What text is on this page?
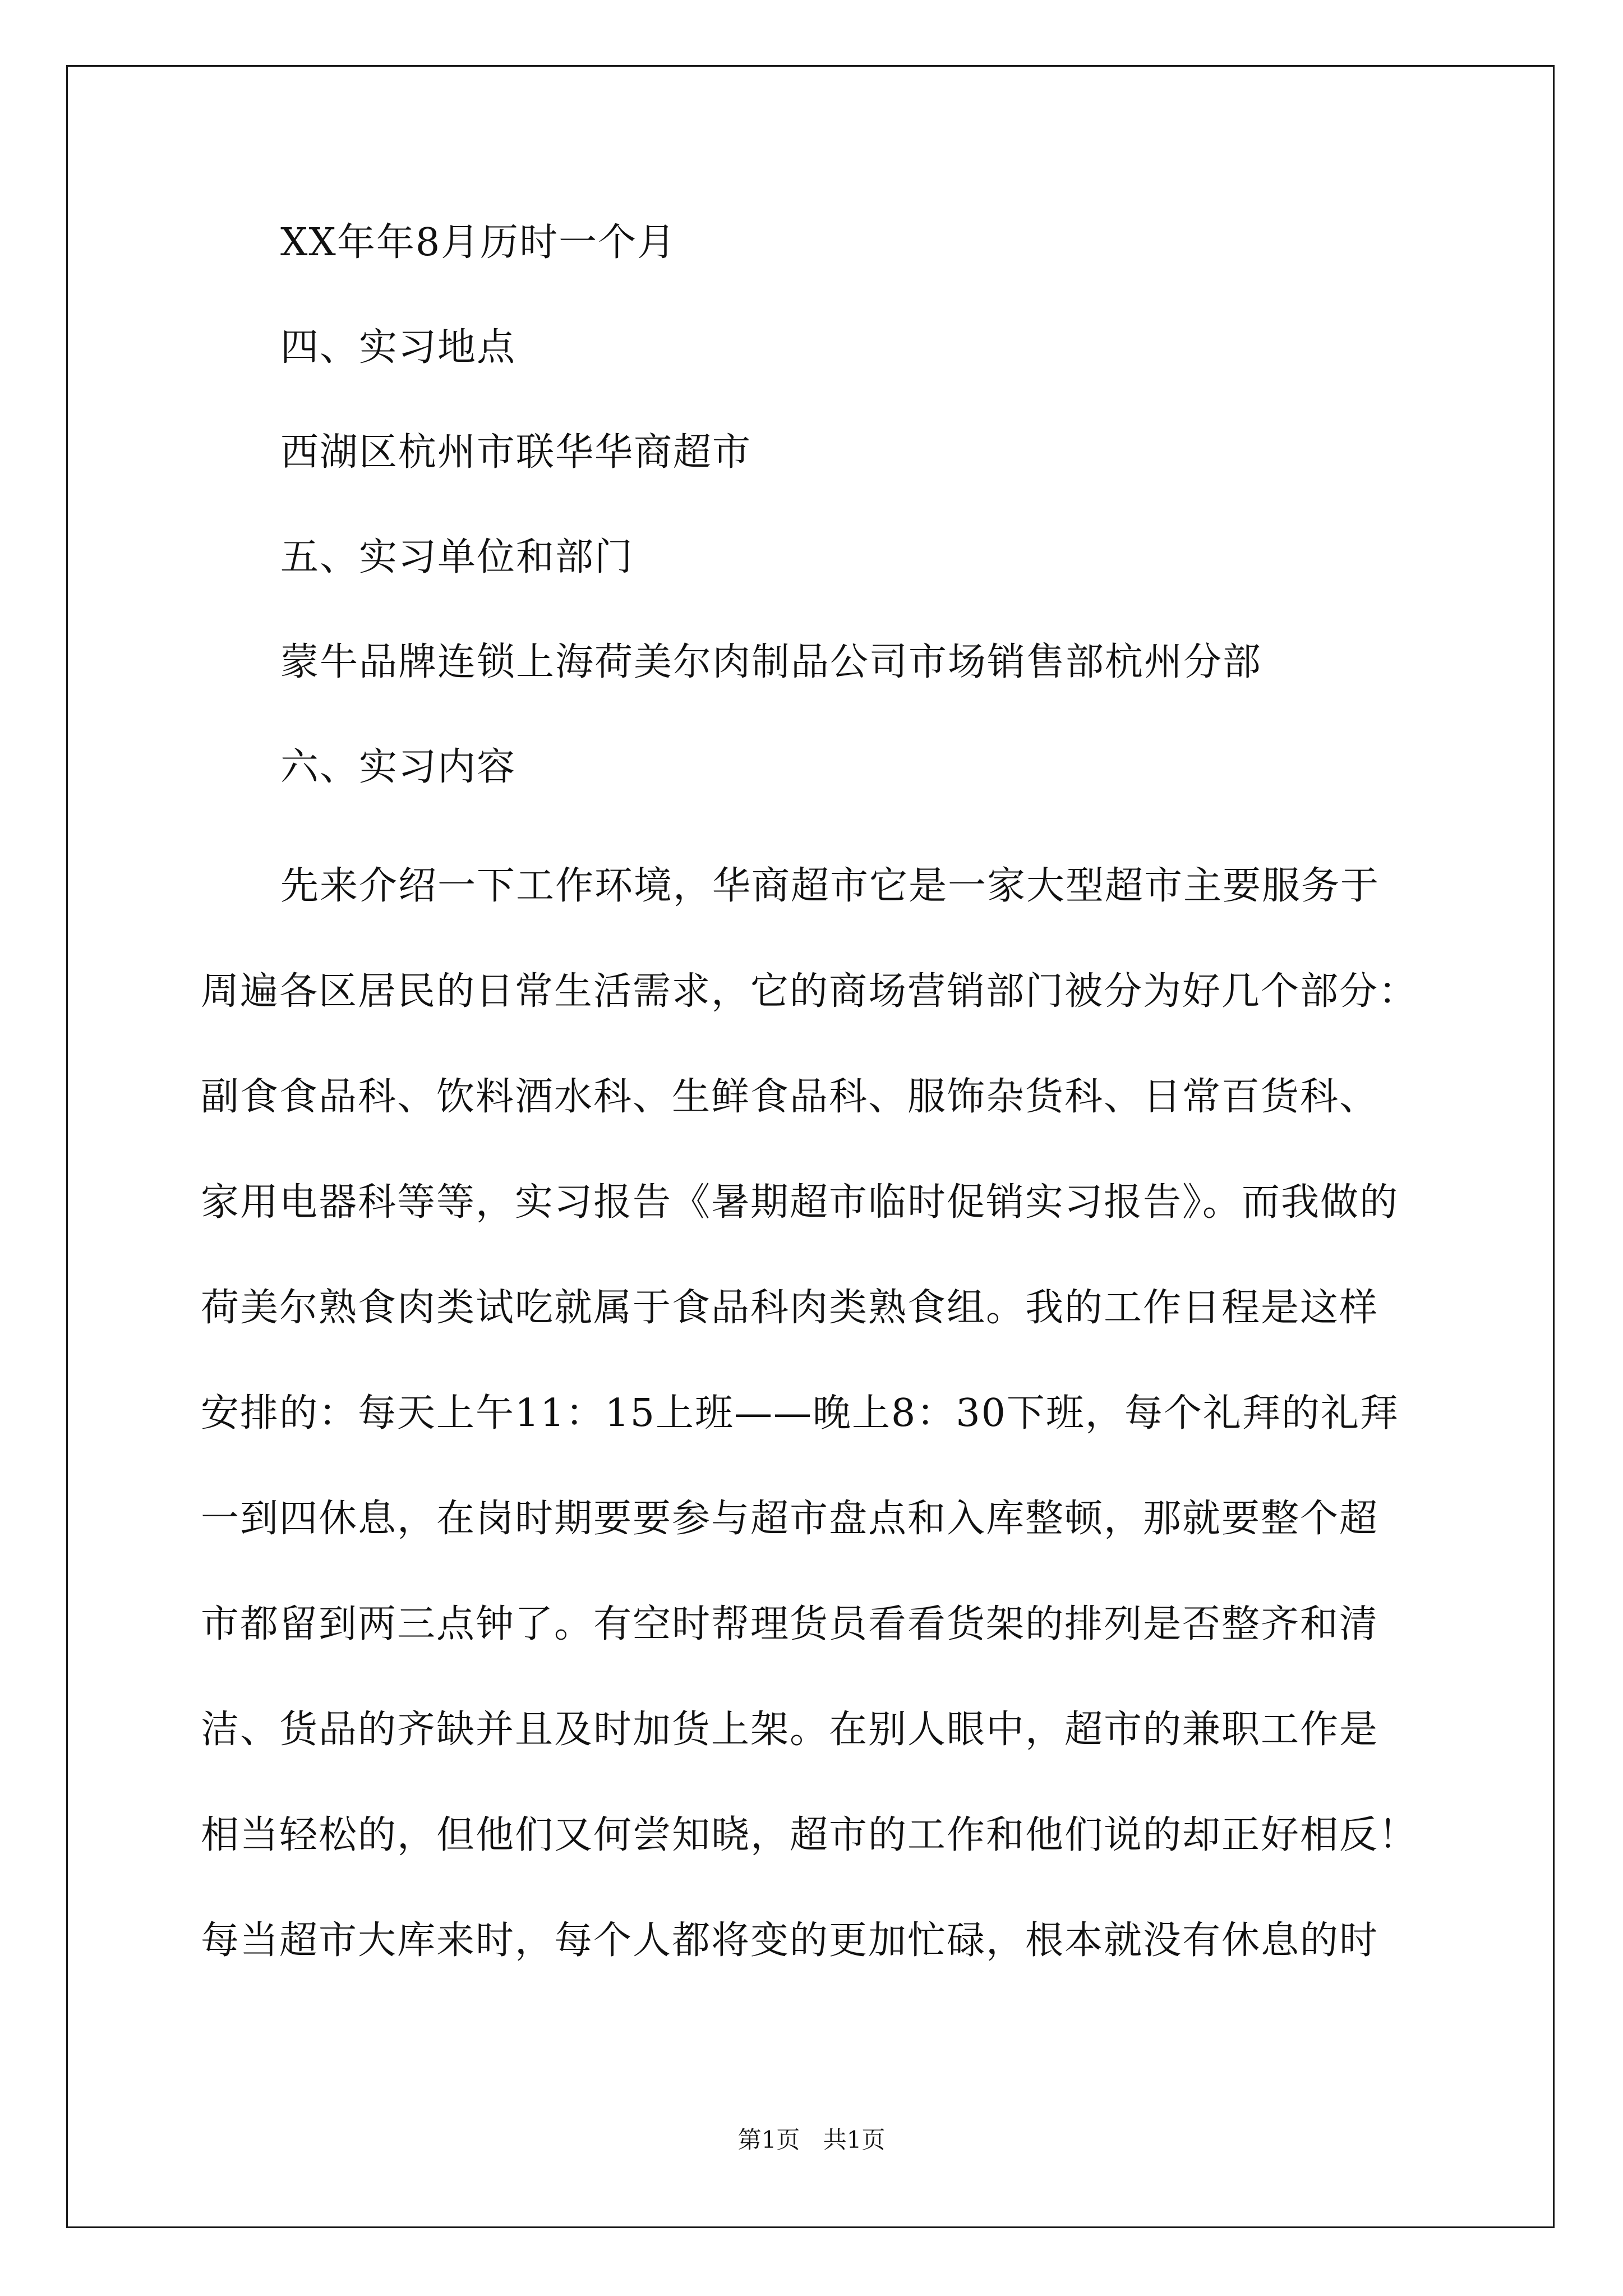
XX年年8月历时一个月
四、实习地点
西湖区杭州市联华华商超市
五、实习单位和部门
蒙牛品牌连锁上海荷美尔肉制品公司市场销售部杭州分部
六、实习内容
先来介绍一下工作环境，华商超市它是一家大型超市主要服务于
周遍各区居民的日常生活需求，它的商场营销部门被分为好几个部分：
副食食品科、饮料酒水科、生鲜食品科、服饰杂货科、日常百货科、
家用电器科等等，实习报告《暑期超市临时促销实习报告》。而我做的
荷美尔熟食肉类试吃就属于食品科肉类熟食组。我的工作日程是这样
安排的：每天上午11：15上班——晚上8：30下班，每个礼拜的礼拜
一到四休息，在岗时期要要参与超市盘点和入库整顿，那就要整个超
市都留到两三点钟了。有空时帮理货员看看货架的排列是否整齐和清
洁、货品的齐缺并且及时加货上架。在别人眼中，超市的兼职工作是
相当轻松的，但他们又何尝知晓，超市的工作和他们说的却正好相反！
每当超市大库来时，每个人都将变的更加忙碌，根本就没有休息的时
第1页 共1页
